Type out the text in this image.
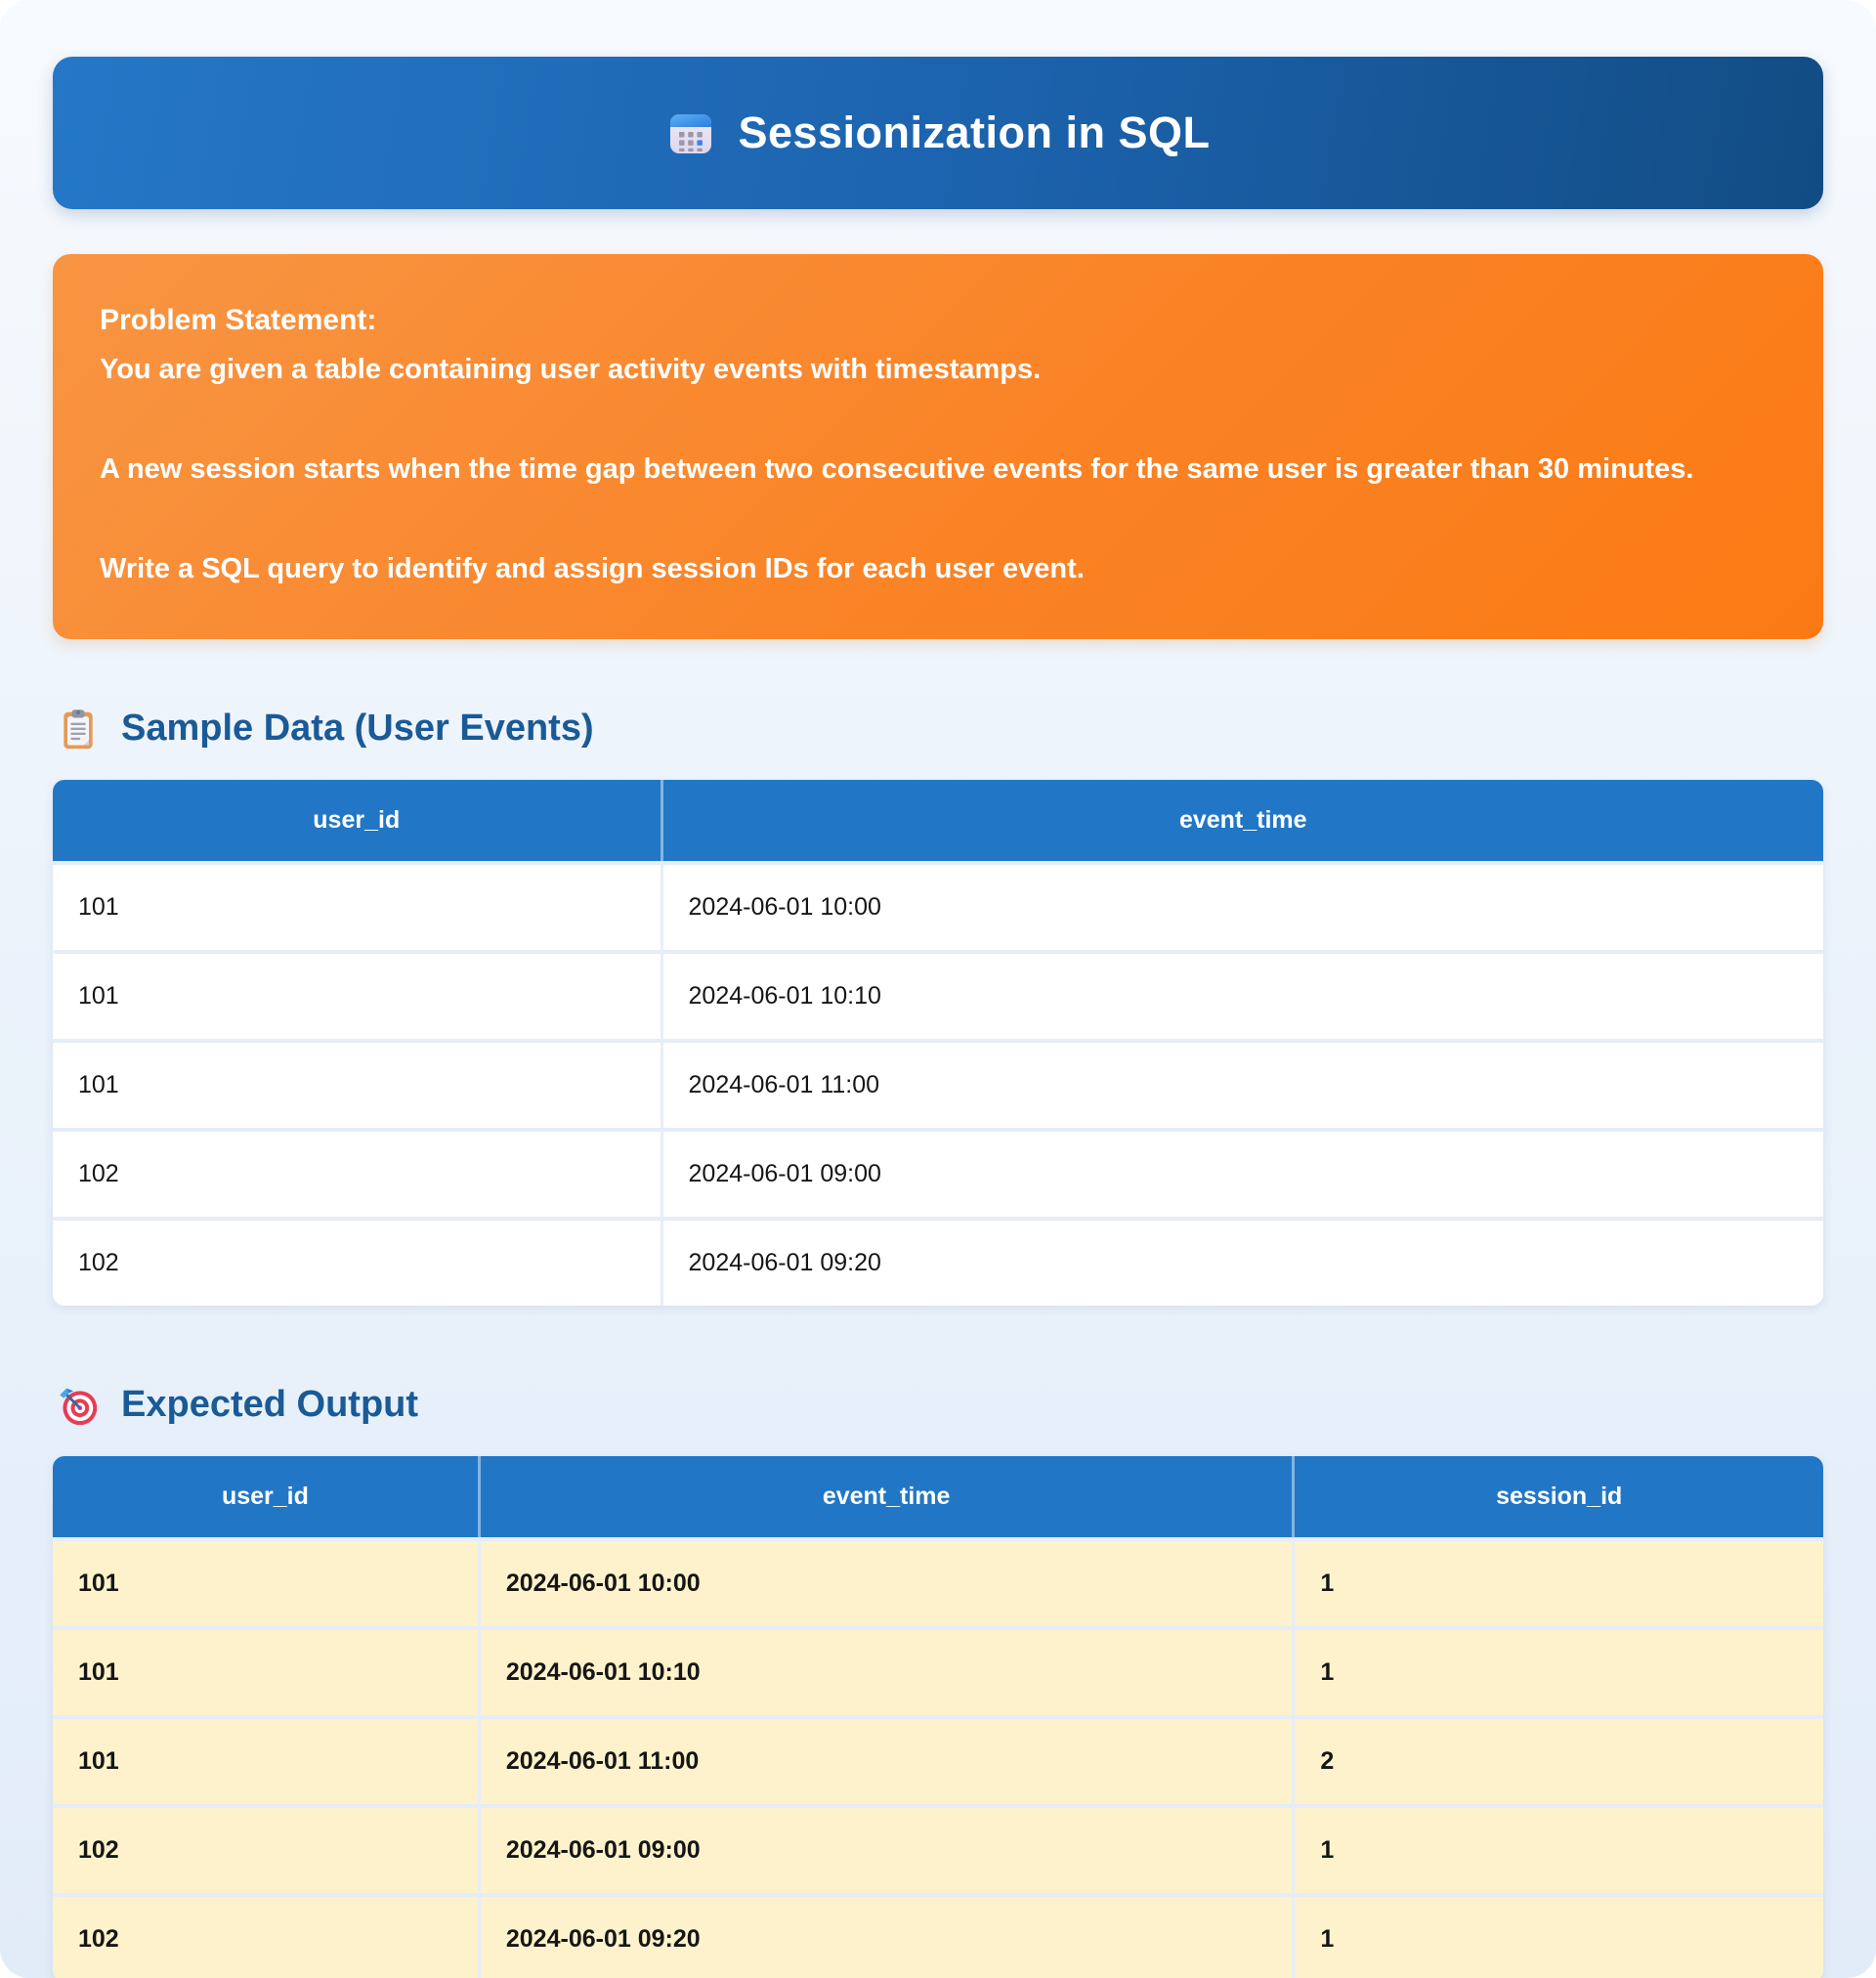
Sessionization in SQL

Problem Statement:
You are given a table containing user activity events with timestamps.

A new session starts when the time gap between two consecutive events for the same user is greater than 30 minutes.

Write a SQL query to identify and assign session IDs for each user event.

Sample Data (User Events)
user_id	event_time
101	2024-06-01 10:00
101	2024-06-01 10:10
101	2024-06-01 11:00
102	2024-06-01 09:00
102	2024-06-01 09:20
Expected Output
user_id	event_time	session_id
101	2024-06-01 10:00	1
101	2024-06-01 10:10	1
101	2024-06-01 11:00	2
102	2024-06-01 09:00	1
102	2024-06-01 09:20	1
